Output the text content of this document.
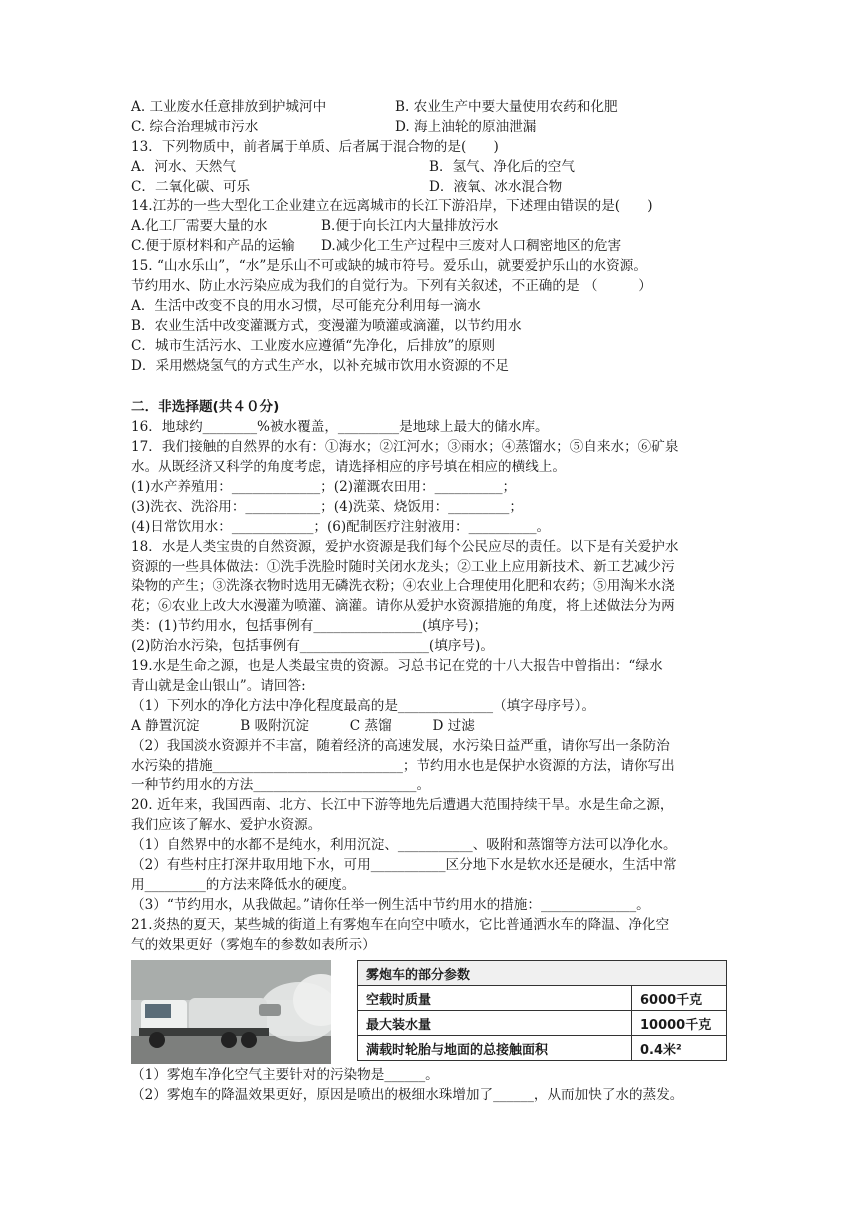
A. 工业废水任意排放到护城河中	B. 农业生产中要大量使用农药和化肥
C. 综合治理城市污水	D. 海上油轮的原油泄漏
13．下列物质中，前者属于单质、后者属于混合物的是(　　)
A．河水、天然气	B．氢气、净化后的空气
C．二氧化碳、可乐	D．液氧、冰水混合物
14.江苏的一些大型化工企业建立在远离城市的长江下游沿岸，下述理由错误的是(　　)
A.化工厂需要大量的水	B.便于向长江内大量排放污水
C.便于原材料和产品的运输	D.减少化工生产过程中三废对人口稠密地区的危害
15. “山水乐山”，“水”是乐山不可或缺的城市符号。爱乐山，就要爱护乐山的水资源。
节约用水、防止水污染应成为我们的自觉行为。下列有关叙述，不正确的是 （　　　）
A．生活中改变不良的用水习惯，尽可能充分利用每一滴水
B．农业生活中改变灌溉方式，变漫灌为喷灌或滴灌，以节约用水
C．城市生活污水、工业废水应遵循“先净化，后排放”的原则
D．采用燃烧氢气的方式生产水，以补充城市饮用水资源的不足
二．非选择题(共４０分)
16．地球约________%被水覆盖，_________是地球上最大的储水库。
17．我们接触的自然界的水有：①海水；②江河水；③雨水；④蒸馏水；⑤自来水；⑥矿泉
水。从既经济又科学的角度考虑，请选择相应的序号填在相应的横线上。
(1)水产养殖用：_____________；(2)灌溉农田用：__________；
(3)洗衣、洗浴用：___________；(4)洗菜、烧饭用：_________；
(4)日常饮用水：____________；(6)配制医疗注射液用：__________。
18．水是人类宝贵的自然资源，爱护水资源是我们每个公民应尽的责任。以下是有关爱护水
资源的一些具体做法：①洗手洗脸时随时关闭水龙头；②工业上应用新技术、新工艺减少污
染物的产生；③洗涤衣物时选用无磷洗衣粉；④农业上合理使用化肥和农药；⑤用淘米水浇
花；⑥农业上改大水漫灌为喷灌、滴灌。请你从爱护水资源措施的角度，将上述做法分为两
类：(1)节约用水，包括事例有________________(填序号)；
(2)防治水污染，包括事例有___________________(填序号)。
19.水是生命之源，也是人类最宝贵的资源。习总书记在党的十八大报告中曾指出：“绿水
青山就是金山银山”。请回答:
（1）下列水的净化方法中净化程度最高的是______________（填字母序号）。
A 静置沉淀　　　B 吸附沉淀　　　C 蒸馏　　　D 过滤
（2）我国淡水资源并不丰富，随着经济的高速发展，水污染日益严重，请你写出一条防治
水污染的措施____________________________；节约用水也是保护水资源的方法，请你写出
一种节约用水的方法________________________。
20. 近年来，我国西南、北方、长江中下游等地先后遭遇大范围持续干旱。水是生命之源，
我们应该了解水、爱护水资源。
（1）自然界中的水都不是纯水，利用沉淀、___________、吸附和蒸馏等方法可以净化水。
（2）有些村庄打深井取用地下水，可用___________区分地下水是软水还是硬水，生活中常
用_________的方法来降低水的硬度。
（3）“节约用水，从我做起。”请你任举一例生活中节约用水的措施：______________。
21.炎热的夏天，某些城的街道上有雾炮车在向空中喷水，它比普通洒水车的降温、净化空
气的效果更好（雾炮车的参数如表所示）
雾炮车的部分参数	
空载时质量	6000千克
最大装水量	10000千克
满载时轮胎与地面的总接触面积	0.4米²
（1）雾炮车净化空气主要针对的污染物是______。
（2）雾炮车的降温效果更好，原因是喷出的极细水珠增加了______，从而加快了水的蒸发。
